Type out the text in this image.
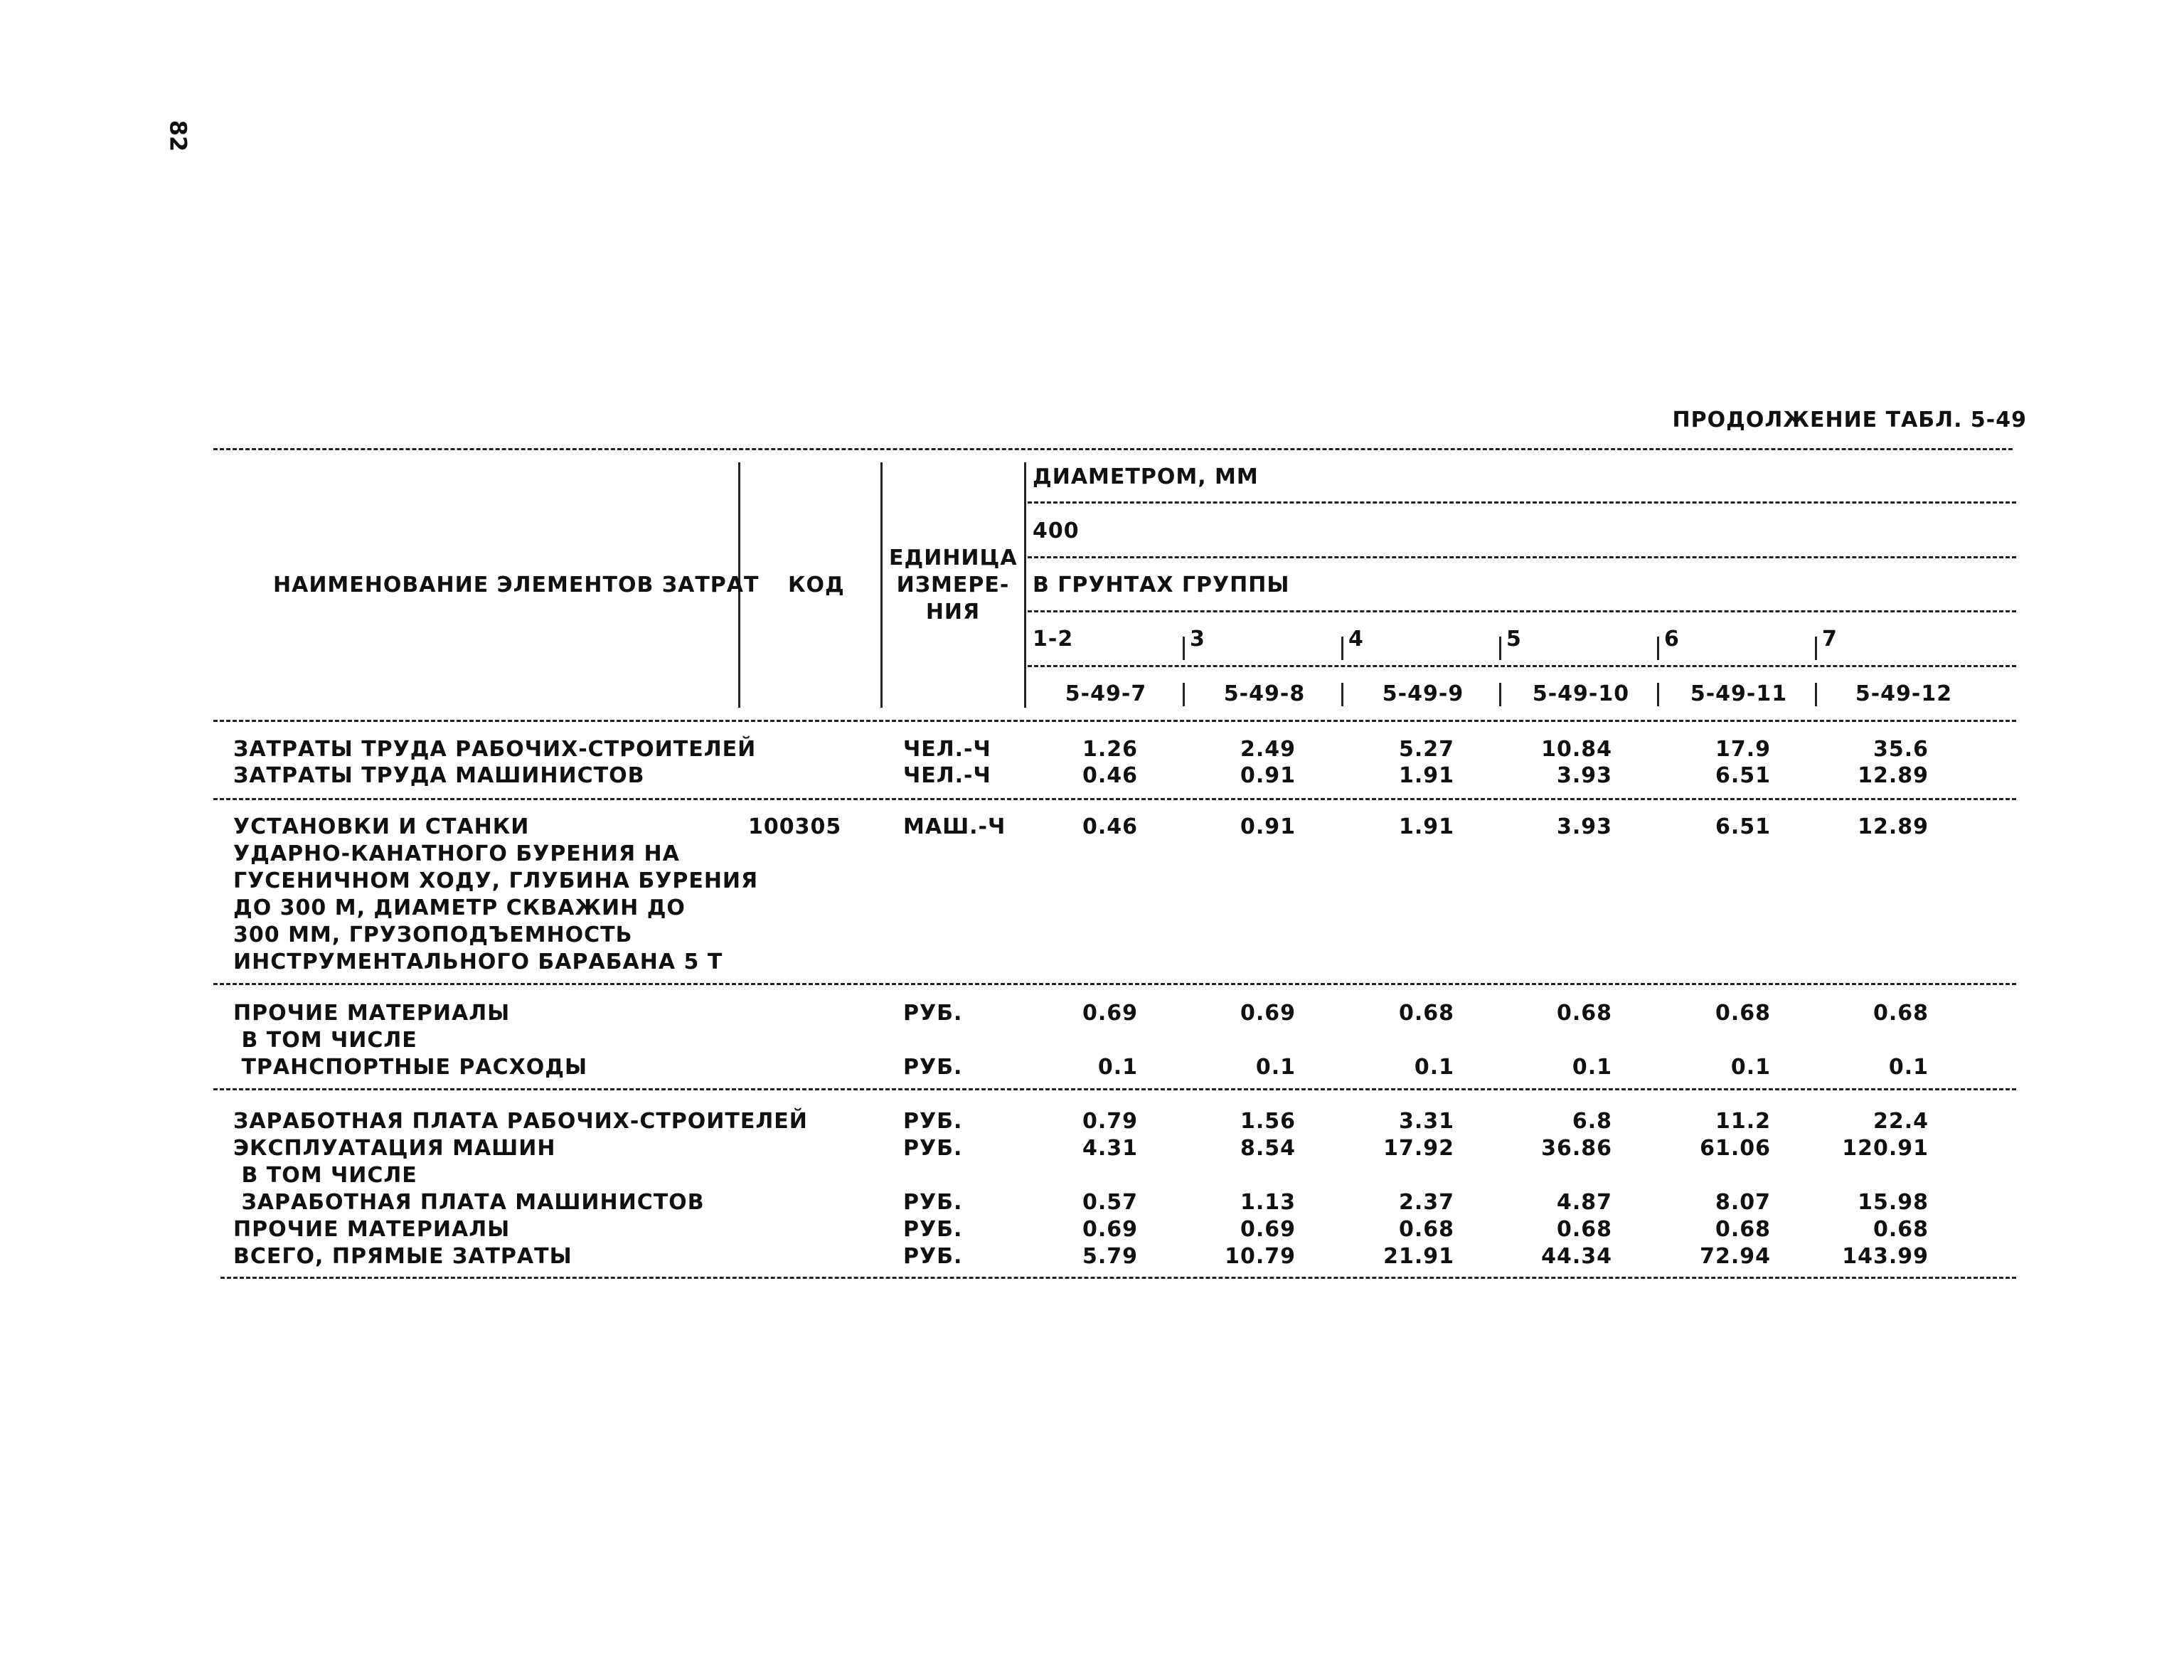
82
ПРОДОЛЖЕНИЕ ТАБЛ. 5-49
НАИМЕНОВАНИЕ ЭЛЕМЕНТОВ ЗАТРАТ КОД
ЕДИНИЦА
ИЗМЕРЕ-
НИЯ
ДИАМЕТРОМ, ММ
400
В ГРУНТАХ ГРУППЫ
1-2	3	4	5	6	7
5-49-7	5-49-8	5-49-9	5-49-10	5-49-11	5-49-12
ЗАТРАТЫ ТРУДА РАБОЧИХ-СТРОИТЕЛЕЙ	ЧЕЛ.-Ч	1.26	2.49	5.27	10.84	17.9	35.6
ЗАТРАТЫ ТРУДА МАШИНИСТОВ	ЧЕЛ.-Ч	0.46	0.91	1.91	3.93	6.51	12.89
УСТАНОВКИ И СТАНКИ
УДАРНО-КАНАТНОГО БУРЕНИЯ НА
ГУСЕНИЧНОМ ХОДУ, ГЛУБИНА БУРЕНИЯ
ДО 300 М, ДИАМЕТР СКВАЖИН ДО
300 ММ, ГРУЗОПОДЪЕМНОСТЬ
ИНСТРУМЕНТАЛЬНОГО БАРАБАНА 5 Т
100305	МАШ.-Ч	0.46	0.91	1.91	3.93	6.51	12.89
ПРОЧИЕ МАТЕРИАЛЫ	РУБ.	0.69	0.69	0.68	0.68	0.68	0.68
В ТОМ ЧИСЛЕ
ТРАНСПОРТНЫЕ РАСХОДЫ	РУБ.	0.1	0.1	0.1	0.1	0.1	0.1
ЗАРАБОТНАЯ ПЛАТА РАБОЧИХ-СТРОИТЕЛЕЙ	РУБ.	0.79	1.56	3.31	6.8	11.2	22.4
ЭКСПЛУАТАЦИЯ МАШИН	РУБ.	4.31	8.54	17.92	36.86	61.06	120.91
В ТОМ ЧИСЛЕ
ЗАРАБОТНАЯ ПЛАТА МАШИНИСТОВ	РУБ.	0.57	1.13	2.37	4.87	8.07	15.98
ПРОЧИЕ МАТЕРИАЛЫ	РУБ.	0.69	0.69	0.68	0.68	0.68	0.68
ВСЕГО, ПРЯМЫЕ ЗАТРАТЫ	РУБ.	5.79	10.79	21.91	44.34	72.94	143.99
